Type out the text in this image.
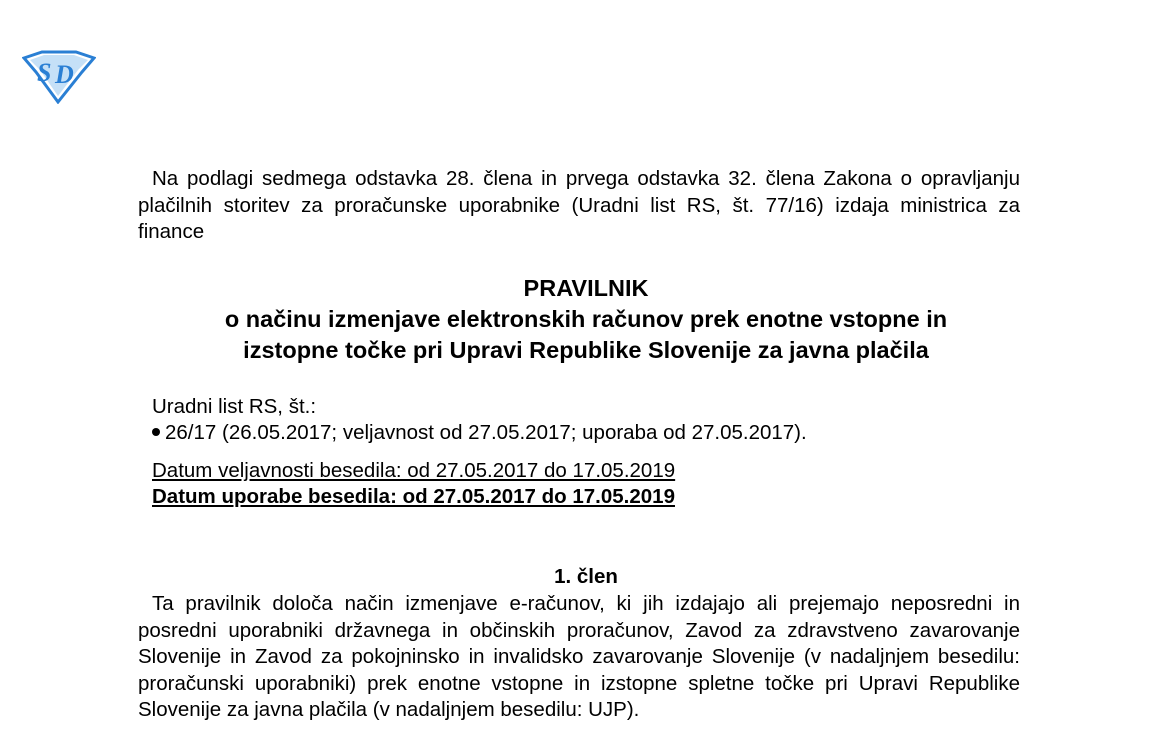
S D

Na podlagi sedmega odstavka 28. člena in prvega odstavka 32. člena Zakona o opravljanju plačilnih storitev za proračunske uporabnike (Uradni list RS, št. 77/16) izdaja ministrica za finance

PRAVILNIK
o načinu izmenjave elektronskih računov prek enotne vstopne in
izstopne točke pri Upravi Republike Slovenije za javna plačila
Uradni list RS, št.:
26/17 (26.05.2017; veljavnost od 27.05.2017; uporaba od 27.05.2017).
Datum veljavnosti besedila: od 27.05.2017 do 17.05.2019
Datum uporabe besedila: od 27.05.2017 do 17.05.2019
1. člen

Ta pravilnik določa način izmenjave e-računov, ki jih izdajajo ali prejemajo neposredni in posredni uporabniki državnega in občinskih proračunov, Zavod za zdravstveno zavarovanje Slovenije in Zavod za pokojninsko in invalidsko zavarovanje Slovenije (v nadaljnjem besedilu: proračunski uporabniki) prek enotne vstopne in izstopne spletne točke pri Upravi Republike Slovenije za javna plačila (v nadaljnjem besedilu: UJP).
